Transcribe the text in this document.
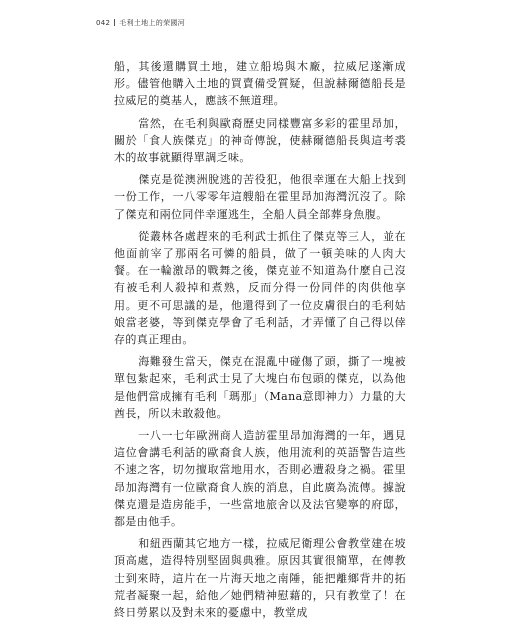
042 毛利土地上的荣國河

船，其後還購買土地，建立船塢與木廠，拉威尼遂漸成形。儘管他購入土地的買賣備受質疑，但說赫爾德船長是拉威尼的奠基人，應該不無道理。

當然，在毛利與歐裔歷史同樣豐富多彩的霍里昂加，關於「食人族傑克」的神奇傳說，使赫爾德船長與這考裘木的故事就顯得單調乏味。

傑克是從澳洲脫逃的苦役犯，他很幸運在大船上找到一份工作，一八零零年這艘船在霍里昂加海灣沉沒了。除了傑克和兩位同伴幸運逃生，全船人員全部葬身魚腹。

從叢林各處趕來的毛利武士抓住了傑克等三人，並在他面前宰了那兩名可憐的船員，做了一頓美味的人肉大餐。在一輪激昂的戰舞之後，傑克並不知道為什麼自己沒有被毛利人殺掉和煮熟，反而分得一份同伴的肉供他享用。更不可思議的是，他還得到了一位皮膚很白的毛利姑娘當老婆，等到傑克學會了毛利話，才弄懂了自己得以倖存的真正理由。

海難發生當天，傑克在混亂中碰傷了頭，撕了一塊被單包紮起來，毛利武士見了大塊白布包頭的傑克，以為他是他們當成擁有毛利「瑪那」（Mana意即神力）力量的大酋長，所以未敢殺他。

一八一七年歐洲商人造訪霍里昂加海灣的一年，遇見這位會講毛利話的歐裔食人族，他用流利的英語警告這些不速之客，切勿擅取當地用水，否則必遭殺身之禍。霍里昂加海灣有一位歐裔食人族的消息，自此廣為流傳。據說傑克還是造房能手，一些當地旅舍以及法官變寧的府邸，都是由他手。

和紐西蘭其它地方一樣，拉威尼衛理公會教堂建在坡頂高處，造得特別堅固與典雅。原因其實很簡單，在傳教士到來時，這片在一片海天地之南陲，能把離鄉背井的拓荒者凝聚一起，給他／她們精神慰藉的，只有教堂了！在終日勞累以及對未來的憂慮中，教堂成
